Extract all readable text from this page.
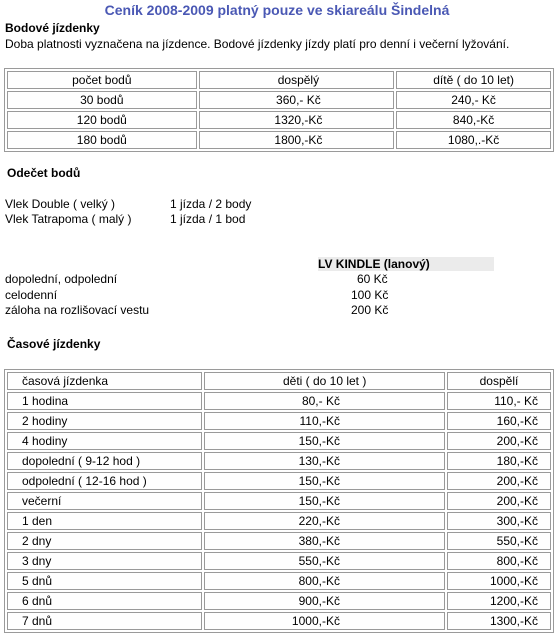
Ceník 2008-2009 platný pouze ve skiareálu Šindelná
Bodové jízdenky
Doba platnosti vyznačena na jízdence. Bodové jízdenky jízdy platí pro denní i večerní lyžování.
počet bodů	dospělý	dítě ( do 10 let)
30 bodů	360,- Kč	240,- Kč
120 bodů	1320,-Kč	840,-Kč
180 bodů	1800,-Kč	1080,.-Kč
Odečet bodů
Vlek Double ( velký )	1 jízda / 2 body
Vlek Tatrapoma ( malý )	1 jízda / 1 bod
LV KINDLE (lanový)
dopolední, odpolední	60 Kč
celodenní	100 Kč
záloha na rozlišovací vestu	200 Kč
Časové jízdenky
časová jízdenka	děti ( do 10 let )	dospělí
1 hodina	80,- Kč	110,- Kč
2 hodiny	110,-Kč	160,-Kč
4 hodiny	150,-Kč	200,-Kč
dopolední ( 9-12 hod )	130,-Kč	180,-Kč
odpolední ( 12-16 hod )	150,-Kč	200,-Kč
večerní	150,-Kč	200,-Kč
1 den	220,-Kč	300,-Kč
2 dny	380,-Kč	550,-Kč
3 dny	550,-Kč	800,-Kč
5 dnů	800,-Kč	1000,-Kč
6 dnů	900,-Kč	1200,-Kč
7 dnů	1000,-Kč	1300,-Kč
